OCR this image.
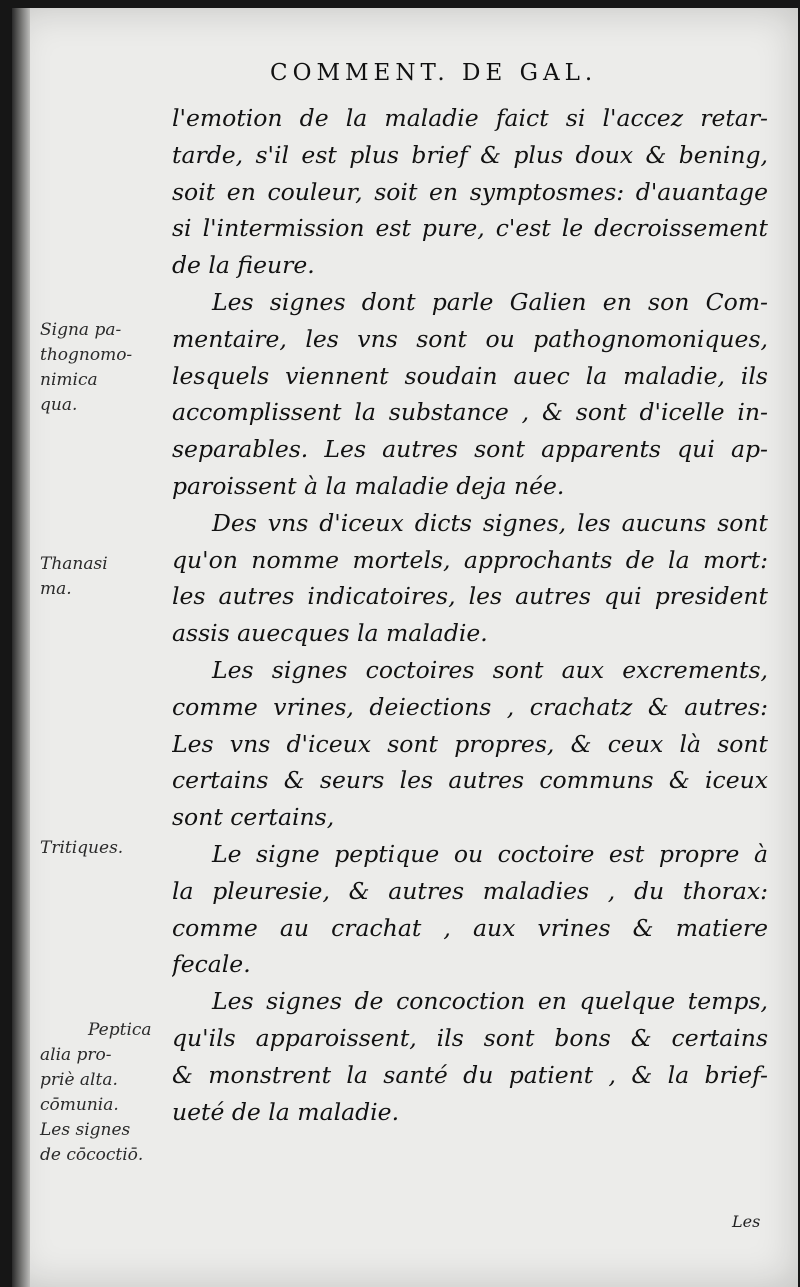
COMMENT. DE GAL.

l'emotion de la maladie faict si l'accez retar-
tarde, s'il est plus brief & plus doux & bening,
soit en couleur, soit en symptosmes: d'auantage
si l'intermission est pure, c'est le decroissement
de la fieure.

Les signes dont parle Galien en son Com-
mentaire, les vns sont ou pathognomoniques,
lesquels viennent soudain auec la maladie, ils
accomplissent la substance , & sont d'icelle in-
separables. Les autres sont apparents qui ap-
paroissent à la maladie deja née.

Des vns d'iceux dicts signes, les aucuns sont
qu'on nomme mortels, approchants de la mort:
les autres indicatoires, les autres qui president
assis auecques la maladie.

Les signes coctoires sont aux excrements,
comme vrines, deiections , crachatz & autres:
Les vns d'iceux sont propres, & ceux là sont
certains & seurs les autres communs & iceux
sont certains,

Le signe peptique ou coctoire est propre à
la pleuresie, & autres maladies , du thorax:
comme au crachat , aux vrines & matiere
fecale.

Les signes de concoction en quelque temps,
qu'ils apparoissent, ils sont bons & certains
& monstrent la santé du patient , & la brief-
ueté de la maladie.

Signa pa-
thognomo-
nimica
qua.
Thanasi
ma.
Tritiques.
Peptica
alia pro-
priè alta.
cōmunia.
Les signes
de cōcoctiō.
Les
